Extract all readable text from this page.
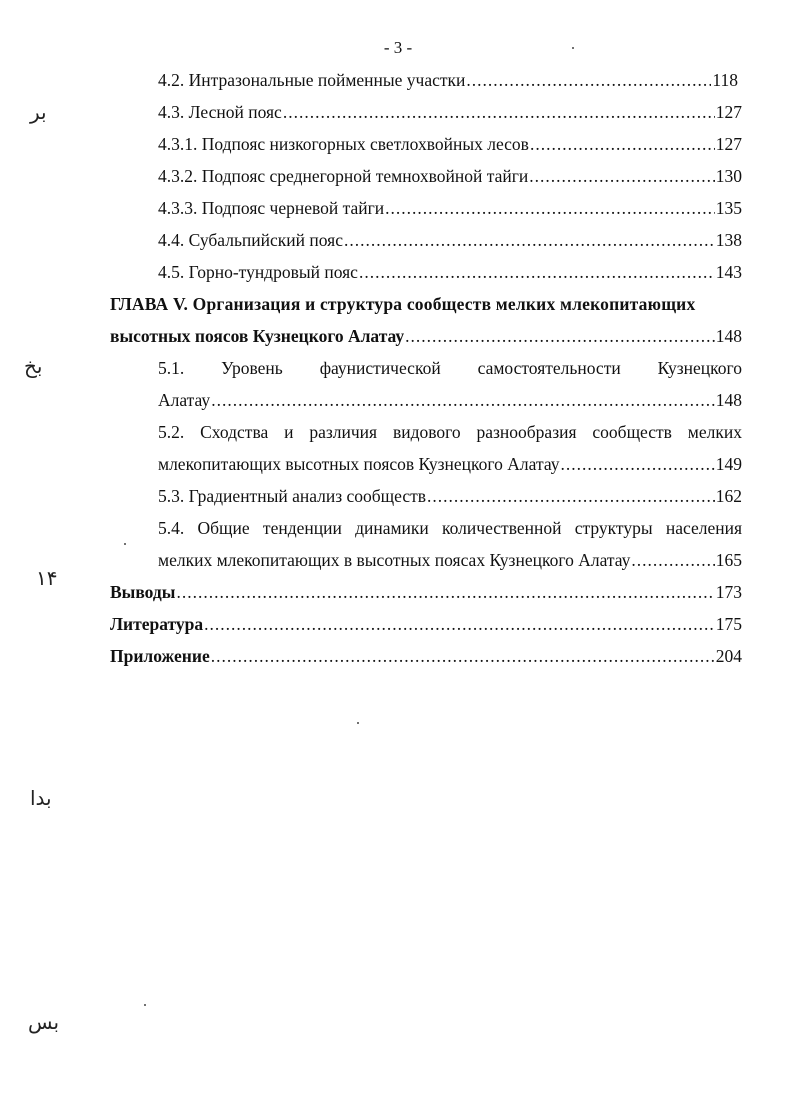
- 3 -
4.2. Интразональные пойменные участки .....	118
4.3. Лесной пояс .....	127
4.3.1. Подпояс низкогорных светлохвойных лесов .....	127
4.3.2. Подпояс среднегорной темнохвойной тайги .....	130
4.3.3. Подпояс черневой тайги .....	135
4.4. Субальпийский пояс .....	138
4.5. Горно-тундровый пояс .....	143
ГЛАВА V. Организация и структура сообществ мелких млекопитающих
высотных поясов Кузнецкого Алатау .....	148
5.1. Уровень фаунистической самостоятельности Кузнецкого
Алатау .....	148
5.2. Сходства и различия видового разнообразия сообществ мелких
млекопитающих высотных поясов Кузнецкого Алатау .....	149
5.3. Градиентный анализ сообществ .....	162
5.4. Общие тенденции динамики количественной структуры населения
мелких млекопитающих в высотных поясах Кузнецкого Алатау .....	165
Выводы .....	173
Литература .....	175
Приложение .....	204
بر
بخ
۱۴
بدا
بس
